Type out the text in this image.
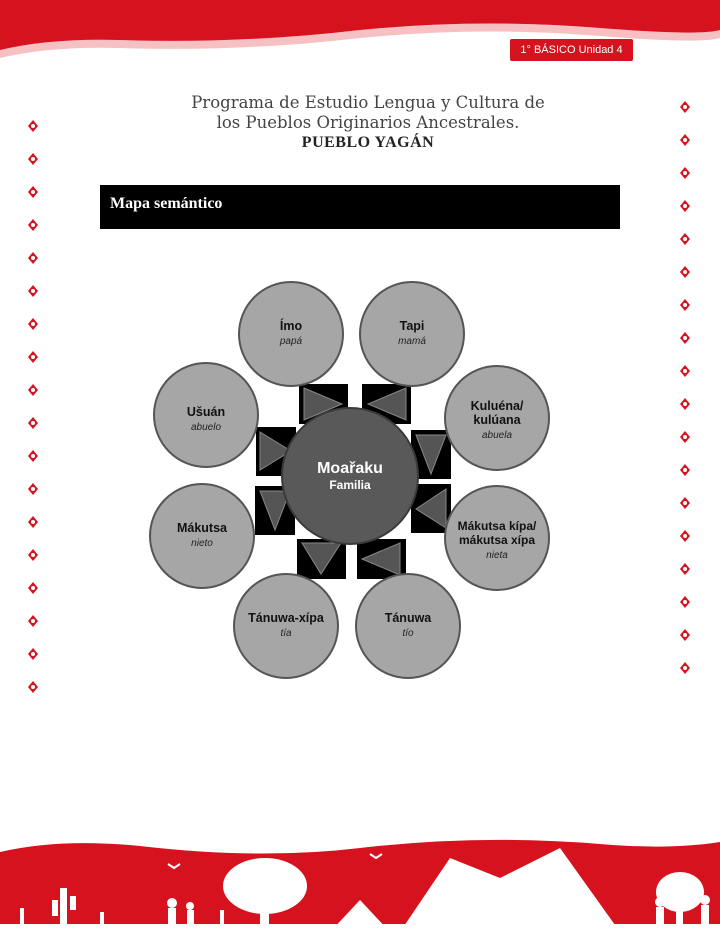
1° BÁSICO Unidad 4
Programa de Estudio Lengua y Cultura de
los Pueblos Originarios Ancestrales.
PUEBLO YAGÁN
Mapa semántico
Moařaku
Familia
Ímo
papá
Tapi
mamá
Kuluéna/
kulúana
abuela
Mákutsa kípa/
mákutsa xípa
nieta
Tánuwa
tío
Tánuwa-xípa
tía
Mákutsa
nieto
Ušuán
abuelo
